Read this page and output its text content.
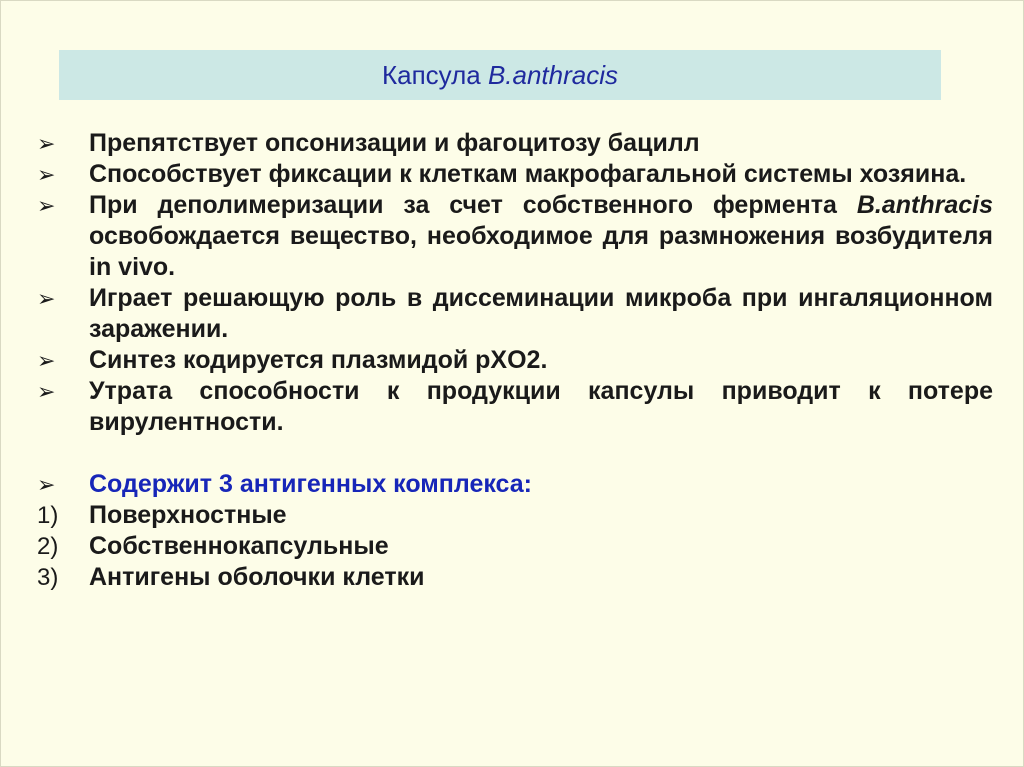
Капсула B.anthracis
➢	Препятствует опсонизации и фагоцитозу бацилл
➢	Способствует фиксации к клеткам макрофагальной системы хозяина.
➢	При деполимеризации за счет собственного фермента B.anthracis освобождается вещество, необходимое для размножения возбудителя in vivo.
➢	Играет решающую роль в диссеминации микроба при ингаляционном заражении.
➢	Синтез кодируется плазмидой pXO2.
➢	Утрата способности к продукции капсулы приводит к потере вирулентности.
➢	Содержит 3 антигенных комплекса:
1)	Поверхностные
2)	Собственнокапсульные
3)	Антигены оболочки клетки
